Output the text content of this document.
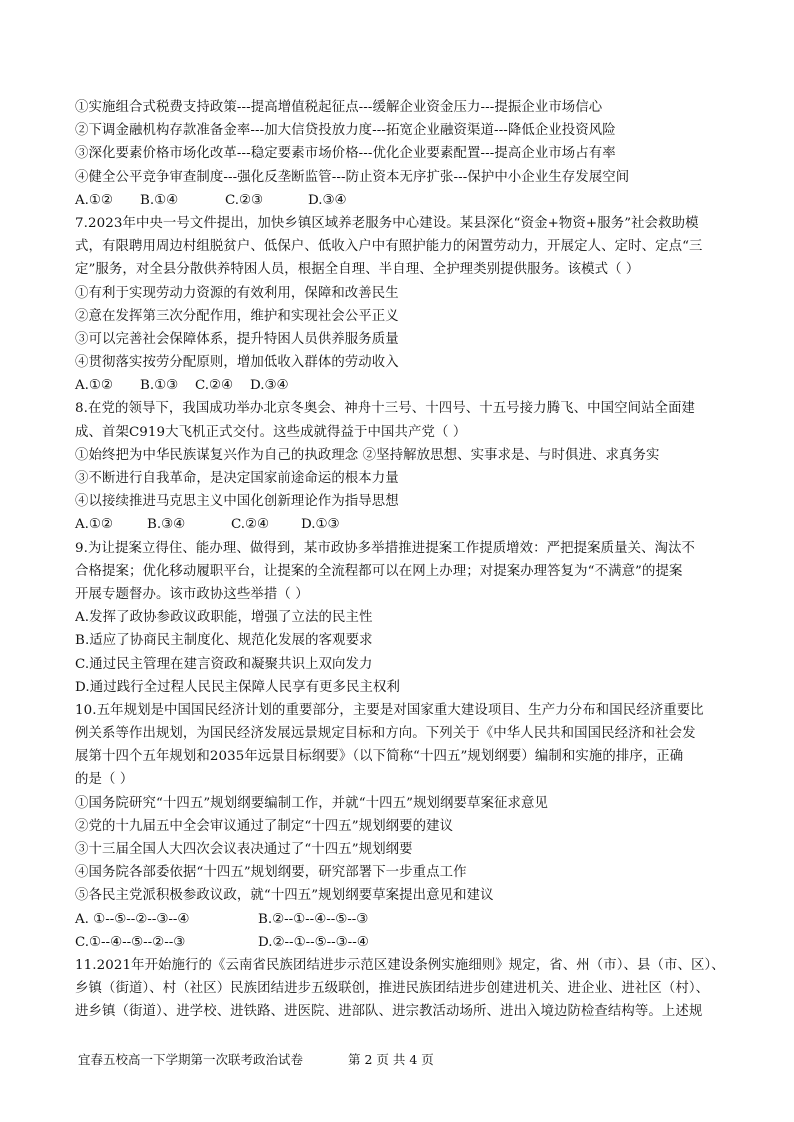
①实施组合式税费支持政策---提高增值税起征点---缓解企业资金压力---提振企业市场信心
②下调金融机构存款准备金率---加大信贷投放力度---拓宽企业融资渠道---降低企业投资风险
③深化要素价格市场化改革---稳定要素市场价格---优化企业要素配置---提高企业市场占有率
④健全公平竞争审查制度---强化反垄断监管---防止资本无序扩张---保护中小企业生存发展空间
A.①②	B.①④	C.②③	D.③④
7.2023年中央一号文件提出，加快乡镇区域养老服务中心建设。某县深化“资金+物资+服务”社会救助模
式，有限聘用周边村组脱贫户、低保户、低收入户中有照护能力的闲置劳动力，开展定人、定时、定点“三
定”服务，对全县分散供养特困人员，根据全自理、半自理、全护理类别提供服务。该模式（ ）
①有利于实现劳动力资源的有效利用，保障和改善民生
②意在发挥第三次分配作用，维护和实现社会公平正义
③可以完善社会保障体系，提升特困人员供养服务质量
④贯彻落实按劳分配原则，增加低收入群体的劳动收入
A.①②	B.①③	C.②④	D.③④
8.在党的领导下，我国成功举办北京冬奥会、神舟十三号、十四号、十五号接力腾飞、中国空间站全面建
成、首架C919大飞机正式交付。这些成就得益于中国共产党（ ）
①始终把为中华民族谋复兴作为自己的执政理念 ②坚持解放思想、实事求是、与时俱进、求真务实
③不断进行自我革命，是决定国家前途命运的根本力量
④以接续推进马克思主义中国化创新理论作为指导思想
A.①②	B.③④	C.②④	D.①③
9.为让提案立得住、能办理、做得到，某市政协多举措推进提案工作提质增效：严把提案质量关、淘汰不
合格提案；优化移动履职平台，让提案的全流程都可以在网上办理；对提案办理答复为“不满意”的提案
开展专题督办。该市政协这些举措（ ）
A.发挥了政协参政议政职能，增强了立法的民主性
B.适应了协商民主制度化、规范化发展的客观要求
C.通过民主管理在建言资政和凝聚共识上双向发力
D.通过践行全过程人民民主保障人民享有更多民主权利
10.五年规划是中国国民经济计划的重要部分，主要是对国家重大建设项目、生产力分布和国民经济重要比
例关系等作出规划，为国民经济发展远景规定目标和方向。下列关于《中华人民共和国国民经济和社会发
展第十四个五年规划和2035年远景目标纲要》（以下简称“十四五”规划纲要）编制和实施的排序，正确
的是（ ）
①国务院研究“十四五”规划纲要编制工作，并就“十四五”规划纲要草案征求意见
②党的十九届五中全会审议通过了制定“十四五”规划纲要的建议
③十三届全国人大四次会议表决通过了“十四五”规划纲要
④国务院各部委依据“十四五”规划纲要，研究部署下一步重点工作
⑤各民主党派积极参政议政，就“十四五”规划纲要草案提出意见和建议
A. ①--⑤--②--③--④	B.②--①--④--⑤--③
C.①--④--⑤--②--③	D.②--①--⑤--③--④
11.2021年开始施行的《云南省民族团结进步示范区建设条例实施细则》规定，省、州（市）、县（市、区）、
乡镇（街道）、村（社区）民族团结进步五级联创，推进民族团结进步创建进机关、进企业、进社区（村）、
进乡镇（街道）、进学校、进铁路、进医院、进部队、进宗教活动场所、进出入境边防检查结构等。上述规
宜春五校高一下学期第一次联考政治试卷	第 2 页 共 4 页
